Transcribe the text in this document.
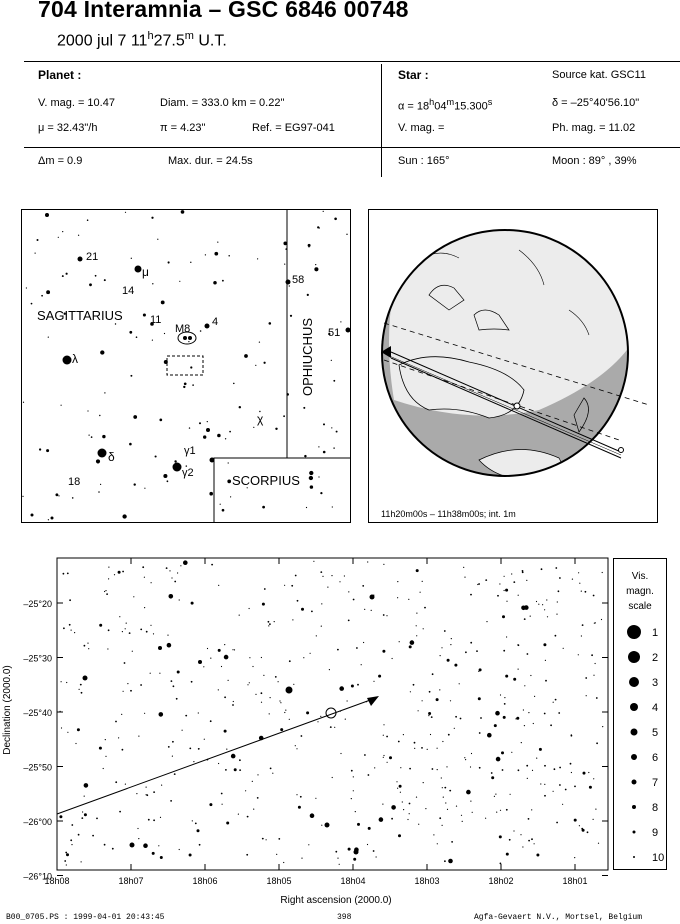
704 Interamnia – GSC 6846 00748
2000 jul 7 11$^h$27.5$^m$ U.T.
Planet :
V. mag. = 10.47	Diam. = 333.0 km = 0.22"
μ = 32.43"/h	π = 4.23"	Ref. = EG97-041
Star :	Source kat. GSC11
$\alpha = 18^h04^m15.300^s$	δ = –25°40'56.10"
V. mag. =	Ph. mag. = 11.02
Δm = 0.9	Max. dur. = 24.5s	Sun : 165°	Moon : 89° , 39%
SAGITTARIUS
OPHIUCHUS
SCORPIUS
21
μ
14
11
M8
4
58
51
λ
χ
γ1
δ
γ2
18
11h20m00s – 11h38m00s; int. 1m
–25°20
–25°30
–25°40
–25°50
–26°00
–26°10
18h08	18h07	18h06	18h05	18h04	18h03	18h02	18h01
Right ascension (2000.0)
Declination (2000.0)
Vis.
magn.
scale
1
2
3
4
5
6
7
8
9
10
B00_0705.PS : 1999-04-01 20:43:45	398	Agfa-Gevaert N.V., Mortsel, Belgium
